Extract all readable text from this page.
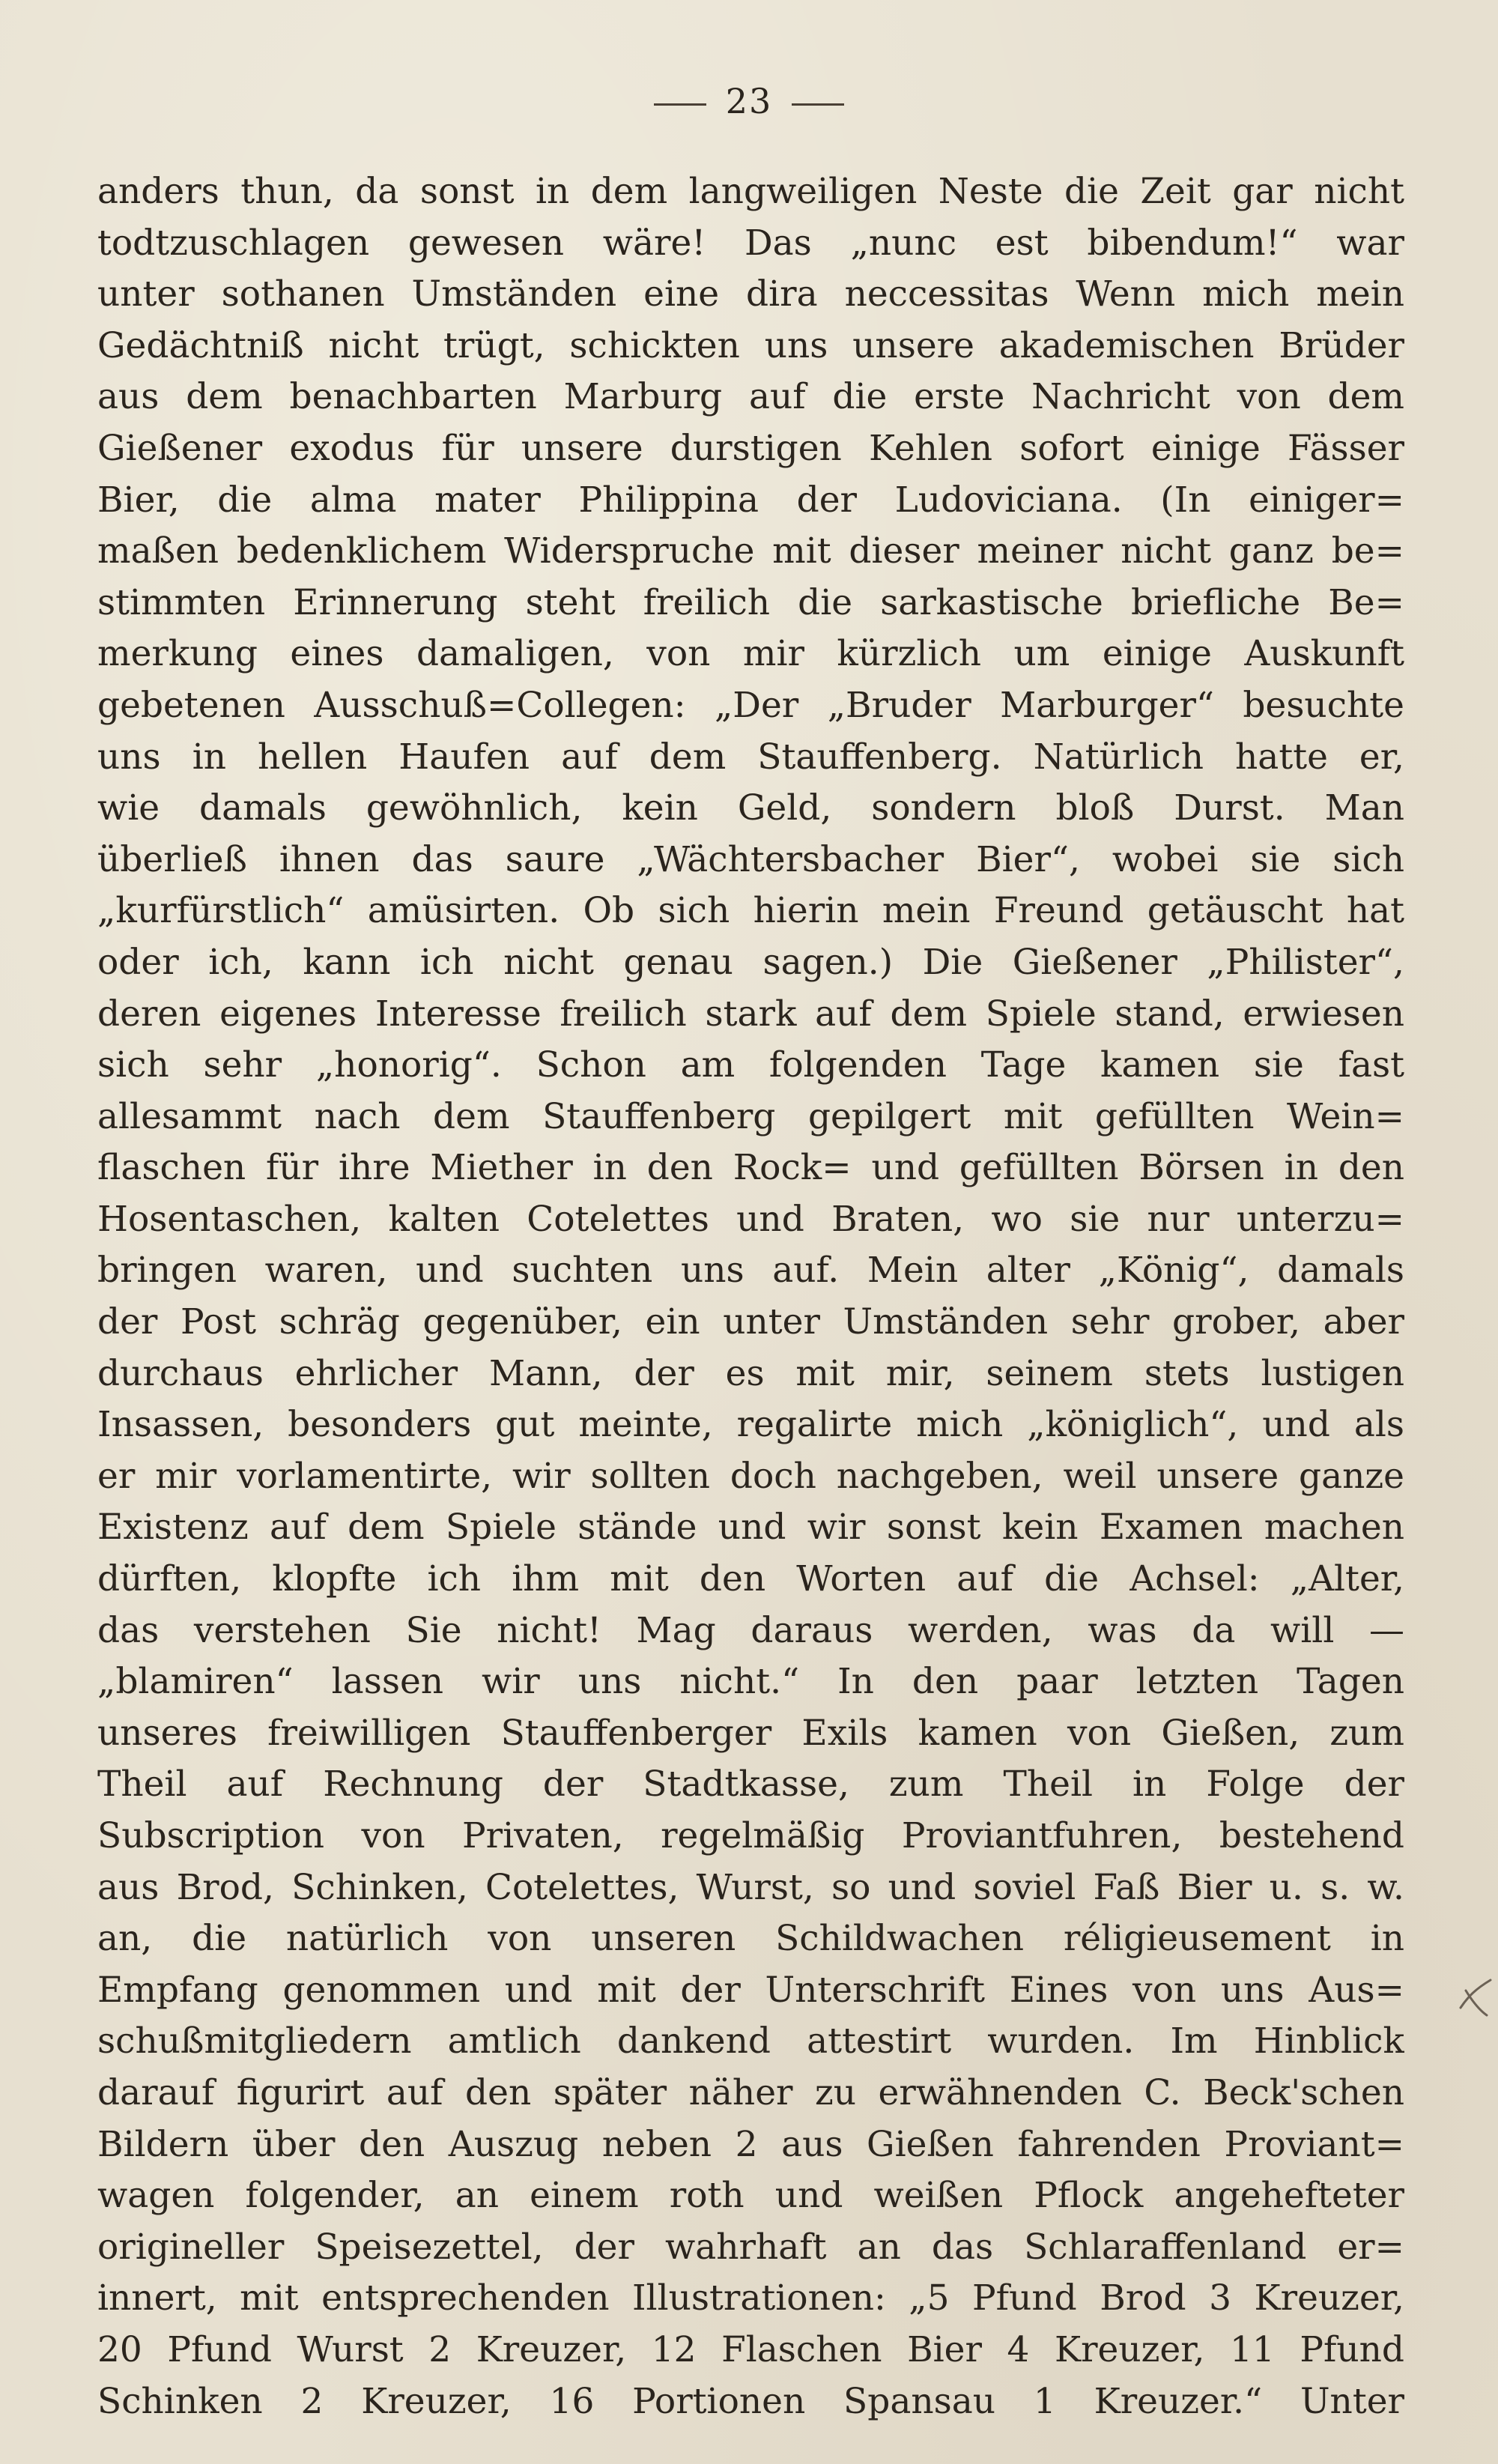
23
anders thun, da sonst in dem langweiligen Neste die Zeit gar nicht
todtzuschlagen gewesen wäre! Das „nunc est bibendum!“ war
unter sothanen Umständen eine dira neccessitas Wenn mich mein
Gedächtniß nicht trügt, schickten uns unsere akademischen Brüder
aus dem benachbarten Marburg auf die erste Nachricht von dem
Gießener exodus für unsere durstigen Kehlen sofort einige Fässer
Bier, die alma mater Philippina der Ludoviciana. (In einiger=
maßen bedenklichem Widerspruche mit dieser meiner nicht ganz be=
stimmten Erinnerung steht freilich die sarkastische briefliche Be=
merkung eines damaligen, von mir kürzlich um einige Auskunft
gebetenen Ausschuß=Collegen: „Der „Bruder Marburger“ besuchte
uns in hellen Haufen auf dem Stauffenberg. Natürlich hatte er,
wie damals gewöhnlich, kein Geld, sondern bloß Durst. Man
überließ ihnen das saure „Wächtersbacher Bier“, wobei sie sich
„kurfürstlich“ amüsirten. Ob sich hierin mein Freund getäuscht hat
oder ich, kann ich nicht genau sagen.) Die Gießener „Philister“,
deren eigenes Interesse freilich stark auf dem Spiele stand, erwiesen
sich sehr „honorig“. Schon am folgenden Tage kamen sie fast
allesammt nach dem Stauffenberg gepilgert mit gefüllten Wein=
flaschen für ihre Miether in den Rock= und gefüllten Börsen in den
Hosentaschen, kalten Cotelettes und Braten, wo sie nur unterzu=
bringen waren, und suchten uns auf. Mein alter „König“, damals
der Post schräg gegenüber, ein unter Umständen sehr grober, aber
durchaus ehrlicher Mann, der es mit mir, seinem stets lustigen
Insassen, besonders gut meinte, regalirte mich „königlich“, und als
er mir vorlamentirte, wir sollten doch nachgeben, weil unsere ganze
Existenz auf dem Spiele stände und wir sonst kein Examen machen
dürften, klopfte ich ihm mit den Worten auf die Achsel: „Alter,
das verstehen Sie nicht! Mag daraus werden, was da will —
„blamiren“ lassen wir uns nicht.“ In den paar letzten Tagen
unseres freiwilligen Stauffenberger Exils kamen von Gießen, zum
Theil auf Rechnung der Stadtkasse, zum Theil in Folge der
Subscription von Privaten, regelmäßig Proviantfuhren, bestehend
aus Brod, Schinken, Cotelettes, Wurst, so und soviel Faß Bier u. s. w.
an, die natürlich von unseren Schildwachen réligieusement in
Empfang genommen und mit der Unterschrift Eines von uns Aus=
schußmitgliedern amtlich dankend attestirt wurden. Im Hinblick
darauf figurirt auf den später näher zu erwähnenden C. Beck'schen
Bildern über den Auszug neben 2 aus Gießen fahrenden Proviant=
wagen folgender, an einem roth und weißen Pflock angehefteter
origineller Speisezettel, der wahrhaft an das Schlaraffenland er=
innert, mit entsprechenden Illustrationen: „5 Pfund Brod 3 Kreuzer,
20 Pfund Wurst 2 Kreuzer, 12 Flaschen Bier 4 Kreuzer, 11 Pfund
Schinken 2 Kreuzer, 16 Portionen Spansau 1 Kreuzer.“ Unter
